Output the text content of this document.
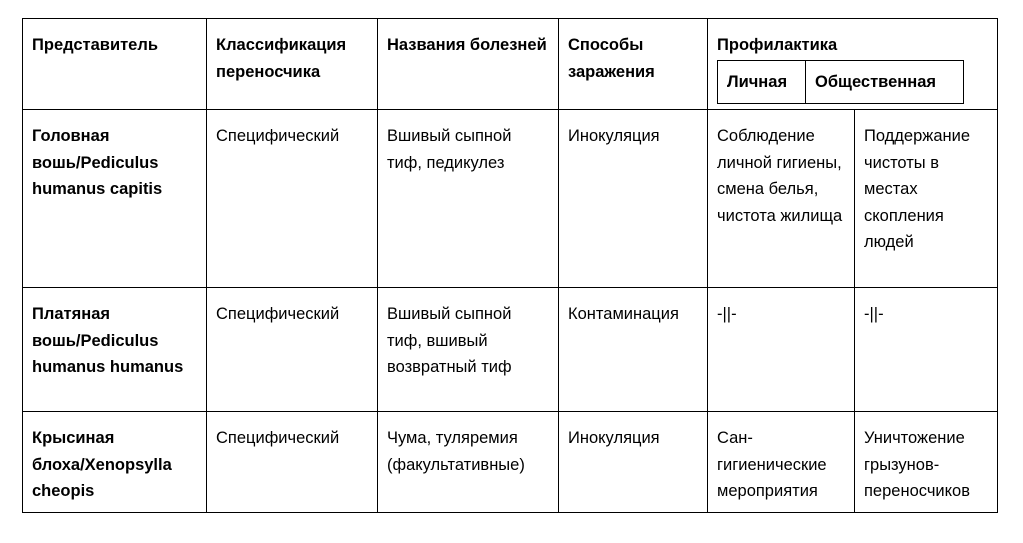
Представитель	Классификация переносчика	Названия болезней	Способы заражения	Профилактика
Личная Общественная	

Головная вошь/Pediculus humanus capitis	Специфический	Вшивый сыпной тиф, педикулез	Инокуляция	Соблюдение личной гигиены, смена белья, чистота жилища	Поддержание чистоты в местах скопления людей

Платяная вошь/Pediculus humanus humanus	Специфический	Вшивый сыпной тиф, вшивый возвратный тиф	Контаминация	-||-	-||-

Крысиная блоха/Xenopsylla cheopis	Специфический	Чума, туляремия (факультативные)	Инокуляция	Сан-гигиенические мероприятия	Уничтожение грызунов-переносчиков
